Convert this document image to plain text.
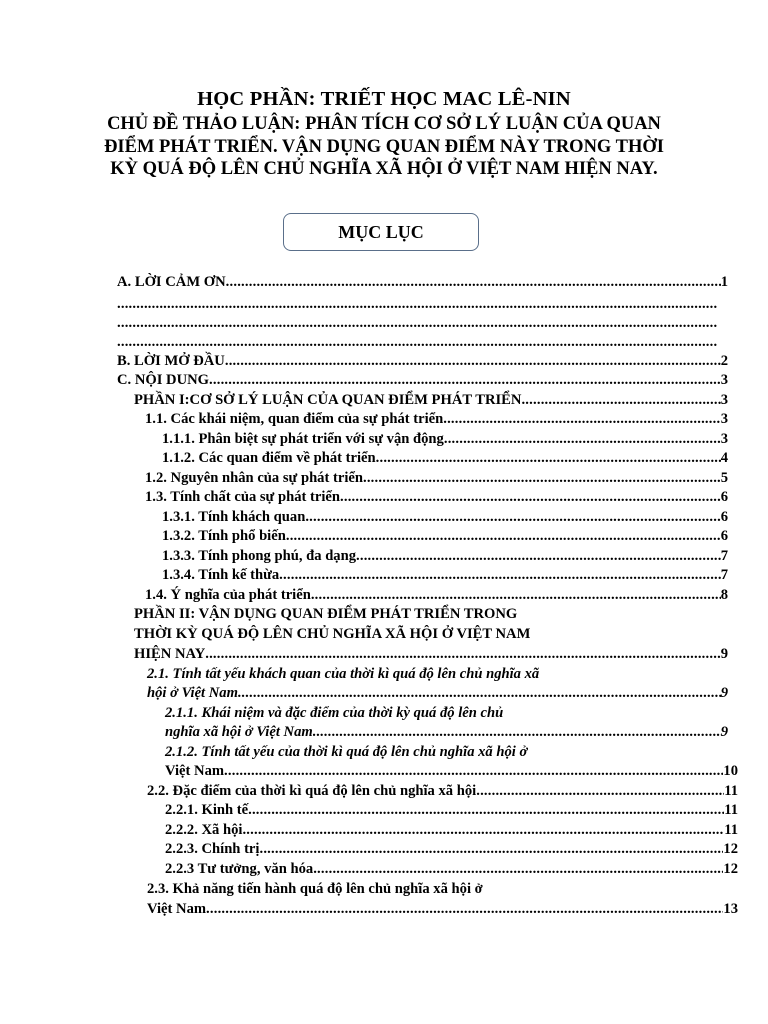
HỌC PHẦN: TRIẾT HỌC MAC LÊ-NIN
CHỦ ĐỀ THẢO LUẬN: PHÂN TÍCH CƠ SỞ LÝ LUẬN CỦA QUAN ĐIỂM PHÁT TRIỂN. VẬN DỤNG QUAN ĐIỂM NÀY TRONG THỜI KỲ QUÁ ĐỘ LÊN CHỦ NGHĨA XÃ HỘI Ở VIỆT NAM HIỆN NAY.
MỤC LỤC
A. LỜI CẢM ƠN .....	1
.....
.....
.....
B. LỜI MỞ ĐẦU .....	2
C. NỘI DUNG .....	3
PHẦN I:CƠ SỞ LÝ LUẬN CỦA QUAN ĐIỂM PHÁT TRIỂN .....	3
1.1. Các khái niệm, quan điểm của sự phát triển .....	3
1.1.1. Phân biệt sự phát triển với sự vận động .....	3
1.1.2. Các quan điểm về phát triển .....	4
1.2. Nguyên nhân của sự phát triển .....	5
1.3. Tính chất của sự phát triển .....	6
1.3.1. Tính khách quan .....	6
1.3.2. Tính phổ biến .....	6
1.3.3. Tính phong phú, đa dạng .....	7
1.3.4. Tính kế thừa .....	7
1.4. Ý nghĩa của phát triển .....	8
PHẦN II: VẬN DỤNG QUAN ĐIỂM PHÁT TRIỂN TRONG
THỜI KỲ QUÁ ĐỘ LÊN CHỦ NGHĨA XÃ HỘI Ở VIỆT NAM
HIỆN NAY .....	9
2.1. Tính tất yếu khách quan của thời kì quá độ lên chủ nghĩa xã
hội ở Việt Nam .....	9
2.1.1. Khái niệm và đặc điểm của thời kỳ quá độ lên chủ
nghĩa xã hội ở Việt Nam .....	9
2.1.2. Tính tất yếu của thời kì quá độ lên chủ nghĩa xã hội ở
Việt Nam .....	10
2.2. Đặc điểm của thời kì quá độ lên chủ nghĩa xã hội .....	11
2.2.1. Kinh tế .....	11
2.2.2. Xã hội .....	11
2.2.3. Chính trị .....	12
2.2.3 Tư tưởng, văn hóa .....	12
2.3. Khả năng tiến hành quá độ lên chủ nghĩa xã hội ở
Việt Nam .....	13
